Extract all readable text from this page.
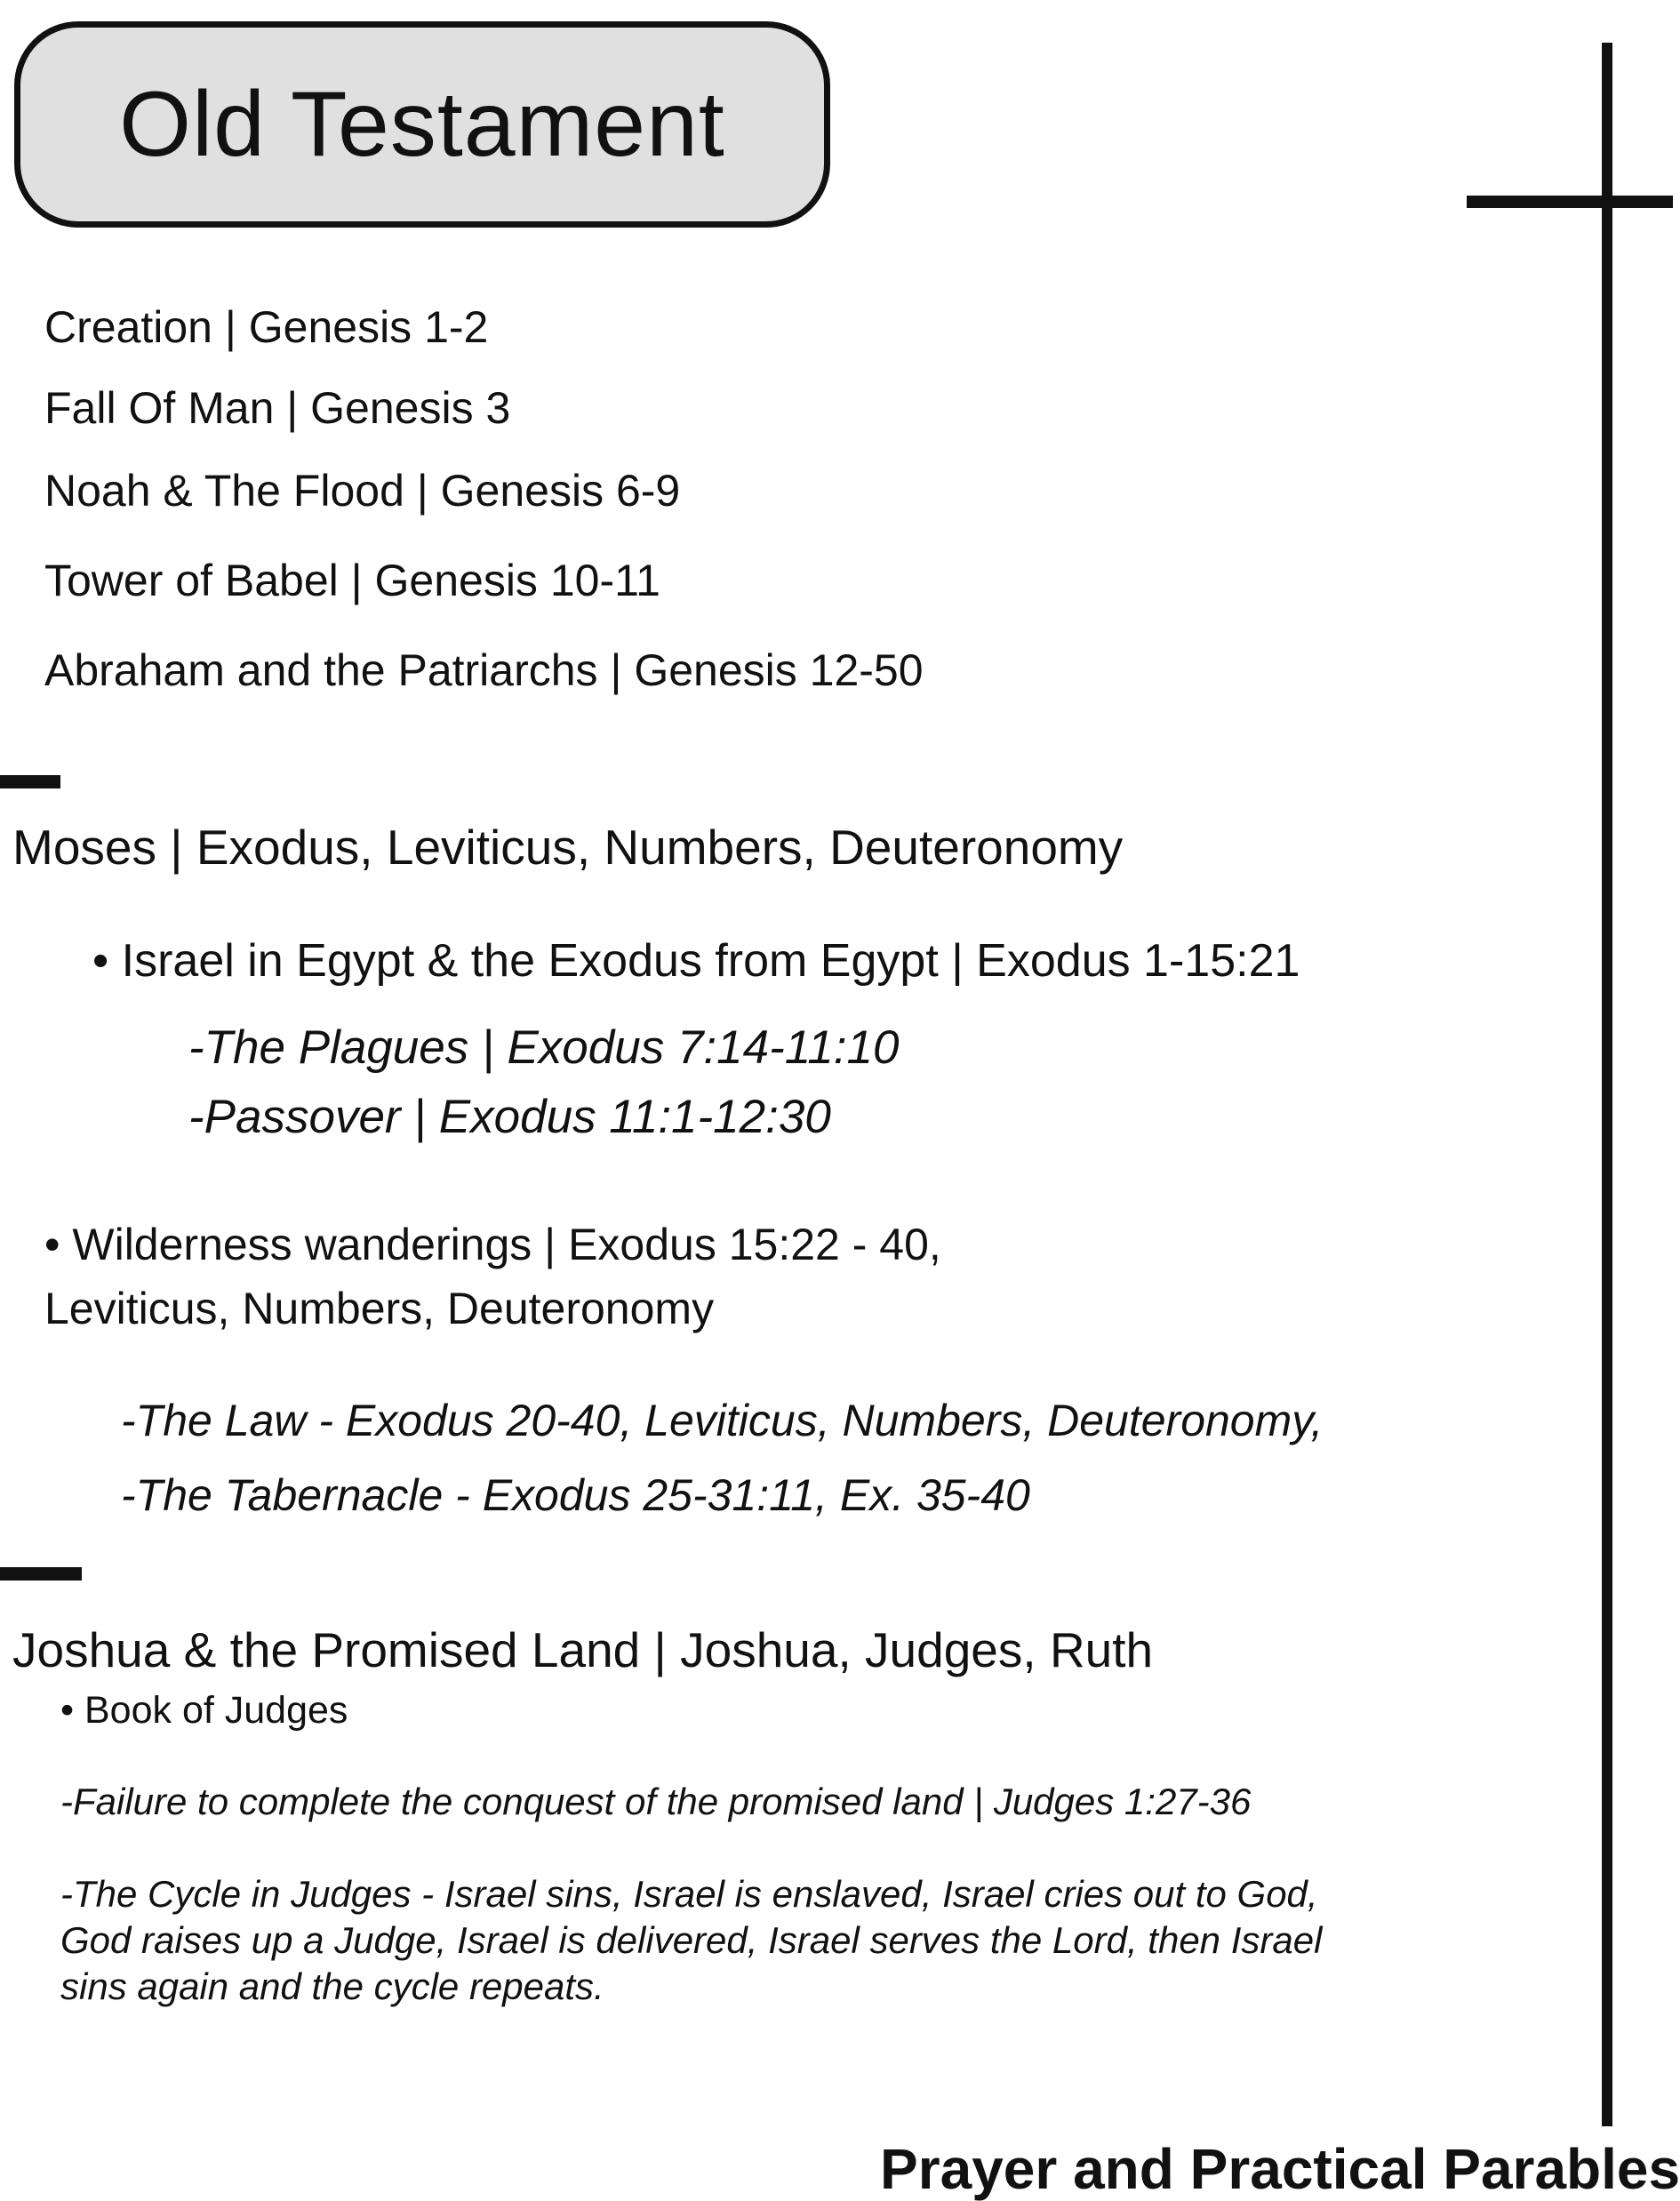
Old Testament
Creation | Genesis 1-2
Fall Of Man | Genesis 3
Noah & The Flood | Genesis 6-9
Tower of Babel | Genesis 10-11
Abraham and the Patriarchs | Genesis 12-50
Moses | Exodus, Leviticus, Numbers, Deuteronomy
• Israel in Egypt & the Exodus from Egypt | Exodus 1-15:21
-The Plagues | Exodus 7:14-11:10
-Passover | Exodus 11:1-12:30
• Wilderness wanderings | Exodus 15:22 - 40,
Leviticus, Numbers, Deuteronomy
-The Law - Exodus 20-40, Leviticus, Numbers, Deuteronomy,
-The Tabernacle - Exodus 25-31:11, Ex. 35-40
Joshua & the Promised Land | Joshua, Judges, Ruth
• Book of Judges
-Failure to complete the conquest of the promised land | Judges 1:27-36
-The Cycle in Judges - Israel sins, Israel is enslaved, Israel cries out to God,
God raises up a Judge, Israel is delivered, Israel serves the Lord, then Israel
sins again and the cycle repeats.
Prayer and Practical Parables
